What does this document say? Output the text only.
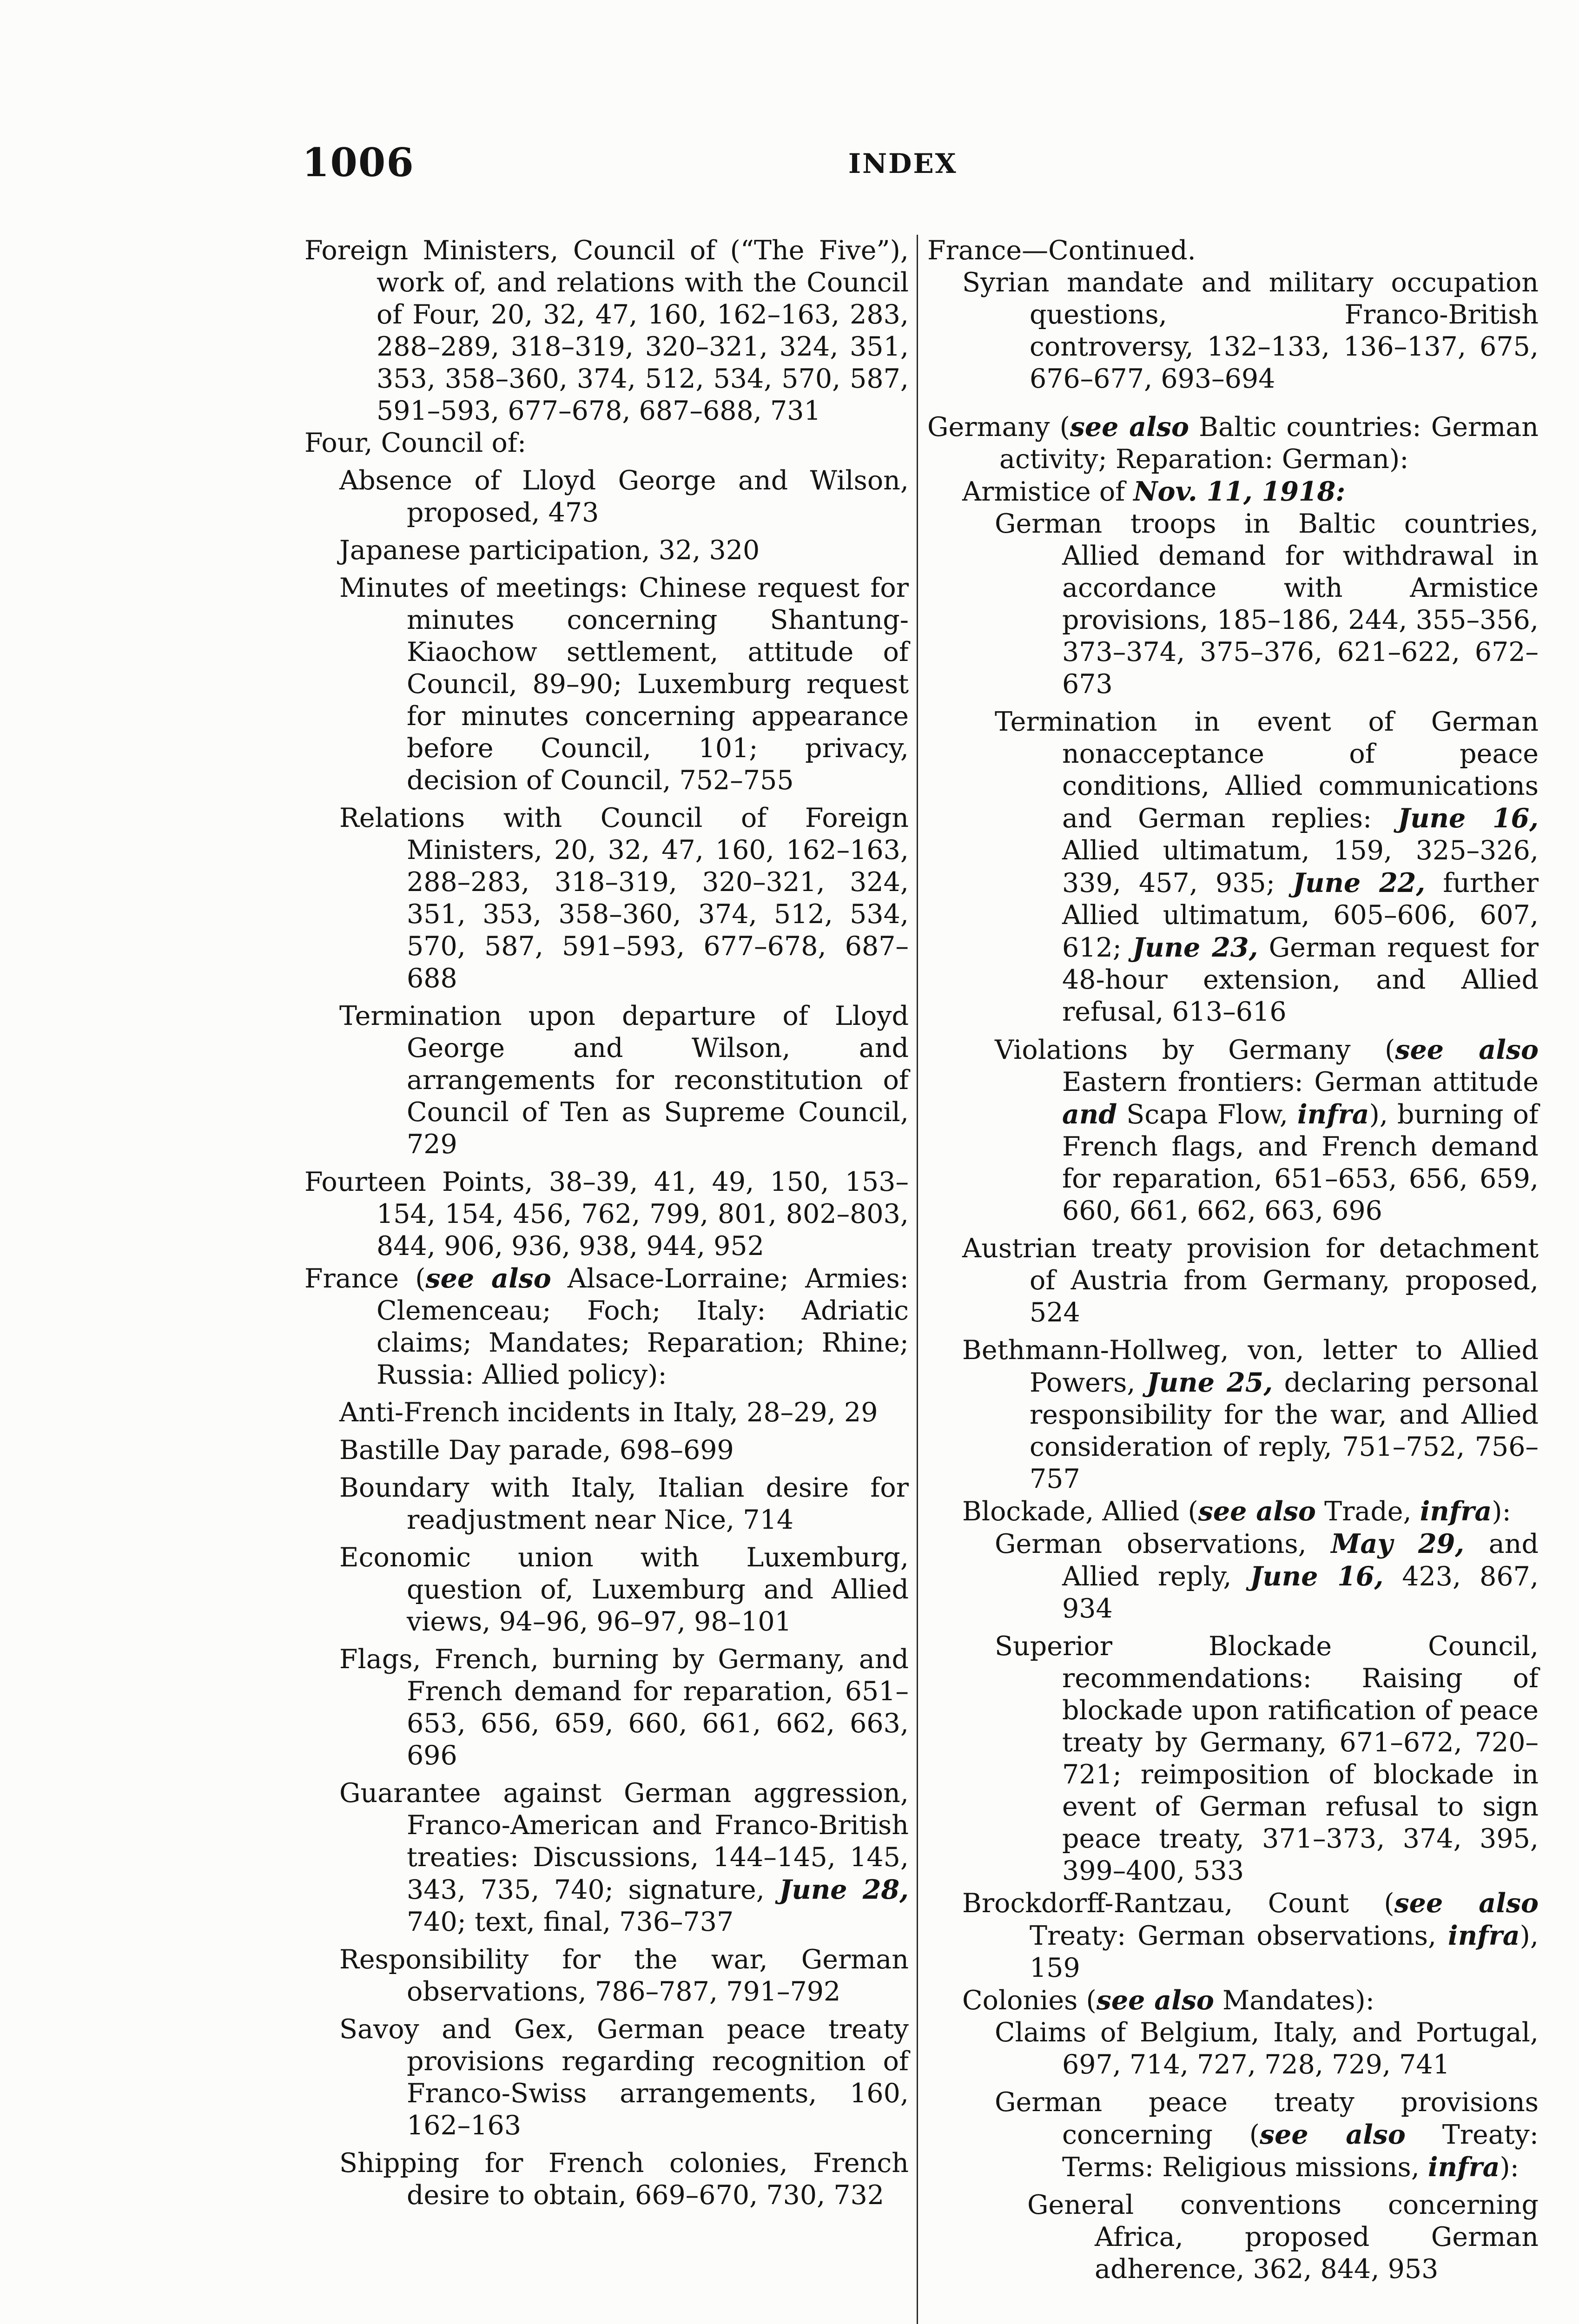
1006	INDEX

Foreign Ministers, Council of (“The Five”), work of, and relations with the Council of Four, 20, 32, 47, 160, 162–163, 283, 288–289, 318–319, 320–321, 324, 351, 353, 358–360, 374, 512, 534, 570, 587, 591–593, 677–678, 687–688, 731

Four, Council of:

Absence of Lloyd George and Wilson, proposed, 473

Japanese participation, 32, 320

Minutes of meetings: Chinese request for minutes concerning Shantung-Kiaochow settlement, attitude of Council, 89–90; Luxemburg request for minutes concerning appearance before Council, 101; privacy, decision of Council, 752–755

Relations with Council of Foreign Ministers, 20, 32, 47, 160, 162–163, 288–283, 318–319, 320–321, 324, 351, 353, 358–360, 374, 512, 534, 570, 587, 591–593, 677–678, 687–688

Termination upon departure of Lloyd George and Wilson, and arrangements for reconstitution of Council of Ten as Supreme Council, 729

Fourteen Points, 38–39, 41, 49, 150, 153–154, 154, 456, 762, 799, 801, 802–803, 844, 906, 936, 938, 944, 952

France (see also Alsace-Lorraine; Armies: Clemenceau; Foch; Italy: Adriatic claims; Mandates; Reparation; Rhine; Russia: Allied policy):

Anti-French incidents in Italy, 28–29, 29

Bastille Day parade, 698–699

Boundary with Italy, Italian desire for readjustment near Nice, 714

Economic union with Luxemburg, question of, Luxemburg and Allied views, 94–96, 96–97, 98–101

Flags, French, burning by Germany, and French demand for reparation, 651–653, 656, 659, 660, 661, 662, 663, 696

Guarantee against German aggression, Franco-American and Franco-British treaties: Discussions, 144–145, 145, 343, 735, 740; signature, June 28, 740; text, final, 736–737

Responsibility for the war, German observations, 786–787, 791–792

Savoy and Gex, German peace treaty provisions regarding recognition of Franco-Swiss arrangements, 160, 162–163

Shipping for French colonies, French desire to obtain, 669–670, 730, 732

France—Continued.

Syrian mandate and military occupation questions, Franco-British controversy, 132–133, 136–137, 675, 676–677, 693–694

Germany (see also Baltic countries: German activity; Reparation: German):

Armistice of Nov. 11, 1918:

German troops in Baltic countries, Allied demand for withdrawal in accordance with Armistice provisions, 185–186, 244, 355–356, 373–374, 375–376, 621–622, 672–673

Termination in event of German nonacceptance of peace conditions, Allied communications and German replies: June 16, Allied ultimatum, 159, 325–326, 339, 457, 935; June 22, further Allied ultimatum, 605–606, 607, 612; June 23, German request for 48-hour extension, and Allied refusal, 613–616

Violations by Germany (see also Eastern frontiers: German attitude and Scapa Flow, infra), burning of French flags, and French demand for reparation, 651–653, 656, 659, 660, 661, 662, 663, 696

Austrian treaty provision for detachment of Austria from Germany, proposed, 524

Bethmann-Hollweg, von, letter to Allied Powers, June 25, declaring personal responsibility for the war, and Allied consideration of reply, 751–752, 756–757

Blockade, Allied (see also Trade, infra):

German observations, May 29, and Allied reply, June 16, 423, 867, 934

Superior Blockade Council, recommendations: Raising of blockade upon ratification of peace treaty by Germany, 671–672, 720–721; reimposition of blockade in event of German refusal to sign peace treaty, 371–373, 374, 395, 399–400, 533

Brockdorff-Rantzau, Count (see also Treaty: German observations, infra), 159

Colonies (see also Mandates):

Claims of Belgium, Italy, and Portugal, 697, 714, 727, 728, 729, 741

German peace treaty provisions concerning (see also Treaty: Terms: Religious missions, infra):

General conventions concerning Africa, proposed German adherence, 362, 844, 953
